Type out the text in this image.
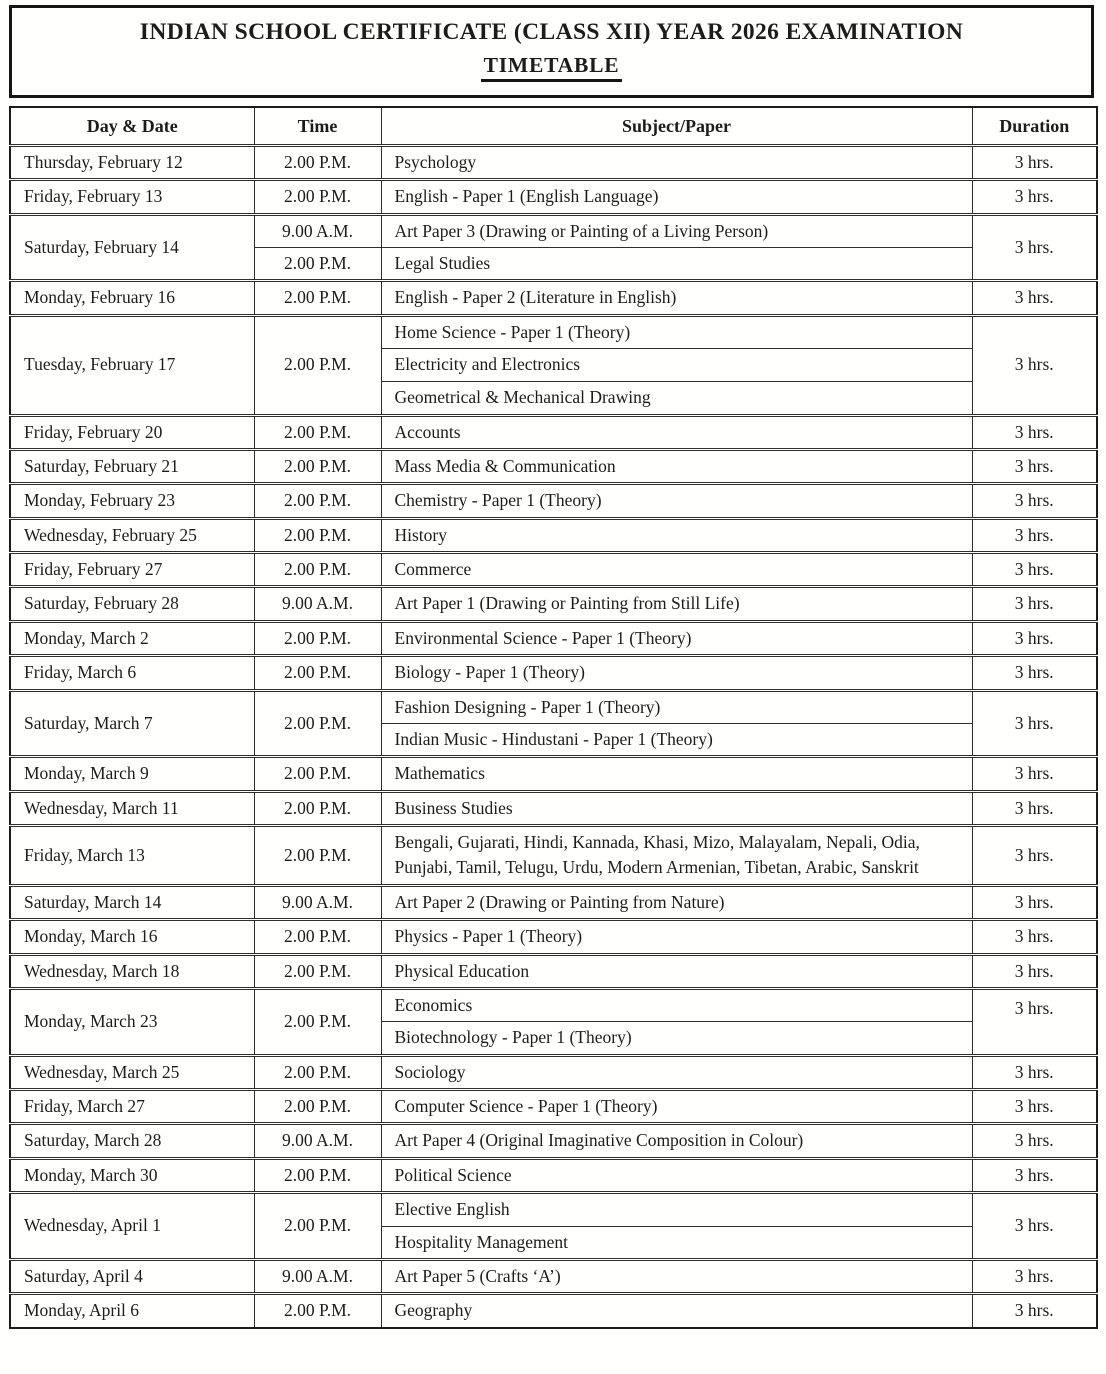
INDIAN SCHOOL CERTIFICATE (CLASS XII) YEAR 2026 EXAMINATION
TIMETABLE
Day & Date	Time	Subject/Paper	Duration
Thursday, February 12	2.00 P.M.	Psychology	3 hrs.
Friday, February 13	2.00 P.M.	English - Paper 1 (English Language)	3 hrs.
Saturday, February 14	9.00 A.M.	Art Paper 3 (Drawing or Painting of a Living Person)	3 hrs.
	2.00 P.M.	Legal Studies	
Monday, February 16	2.00 P.M.	English - Paper 2 (Literature in English)	3 hrs.
Tuesday, February 17	2.00 P.M.	Home Science - Paper 1 (Theory)	3 hrs.
		Electricity and Electronics	
		Geometrical & Mechanical Drawing	
Friday, February 20	2.00 P.M.	Accounts	3 hrs.
Saturday, February 21	2.00 P.M.	Mass Media & Communication	3 hrs.
Monday, February 23	2.00 P.M.	Chemistry - Paper 1 (Theory)	3 hrs.
Wednesday, February 25	2.00 P.M.	History	3 hrs.
Friday, February 27	2.00 P.M.	Commerce	3 hrs.
Saturday, February 28	9.00 A.M.	Art Paper 1 (Drawing or Painting from Still Life)	3 hrs.
Monday, March 2	2.00 P.M.	Environmental Science - Paper 1 (Theory)	3 hrs.
Friday, March 6	2.00 P.M.	Biology - Paper 1 (Theory)	3 hrs.
Saturday, March 7	2.00 P.M.	Fashion Designing - Paper 1 (Theory)	3 hrs.
		Indian Music - Hindustani - Paper 1 (Theory)	
Monday, March 9	2.00 P.M.	Mathematics	3 hrs.
Wednesday, March 11	2.00 P.M.	Business Studies	3 hrs.
Friday, March 13	2.00 P.M.	Bengali, Gujarati, Hindi, Kannada, Khasi, Mizo, Malayalam, Nepali, Odia, Punjabi, Tamil, Telugu, Urdu, Modern Armenian, Tibetan, Arabic, Sanskrit	3 hrs.
Saturday, March 14	9.00 A.M.	Art Paper 2 (Drawing or Painting from Nature)	3 hrs.
Monday, March 16	2.00 P.M.	Physics - Paper 1 (Theory)	3 hrs.
Wednesday, March 18	2.00 P.M.	Physical Education	3 hrs.
Monday, March 23	2.00 P.M.	Economics	3 hrs.
		Biotechnology - Paper 1 (Theory)	
Wednesday, March 25	2.00 P.M.	Sociology	3 hrs.
Friday, March 27	2.00 P.M.	Computer Science - Paper 1 (Theory)	3 hrs.
Saturday, March 28	9.00 A.M.	Art Paper 4 (Original Imaginative Composition in Colour)	3 hrs.
Monday, March 30	2.00 P.M.	Political Science	3 hrs.
Wednesday, April 1	2.00 P.M.	Elective English	3 hrs.
		Hospitality Management	
Saturday, April 4	9.00 A.M.	Art Paper 5 (Crafts ‘A’)	3 hrs.
Monday, April 6	2.00 P.M.	Geography	3 hrs.
